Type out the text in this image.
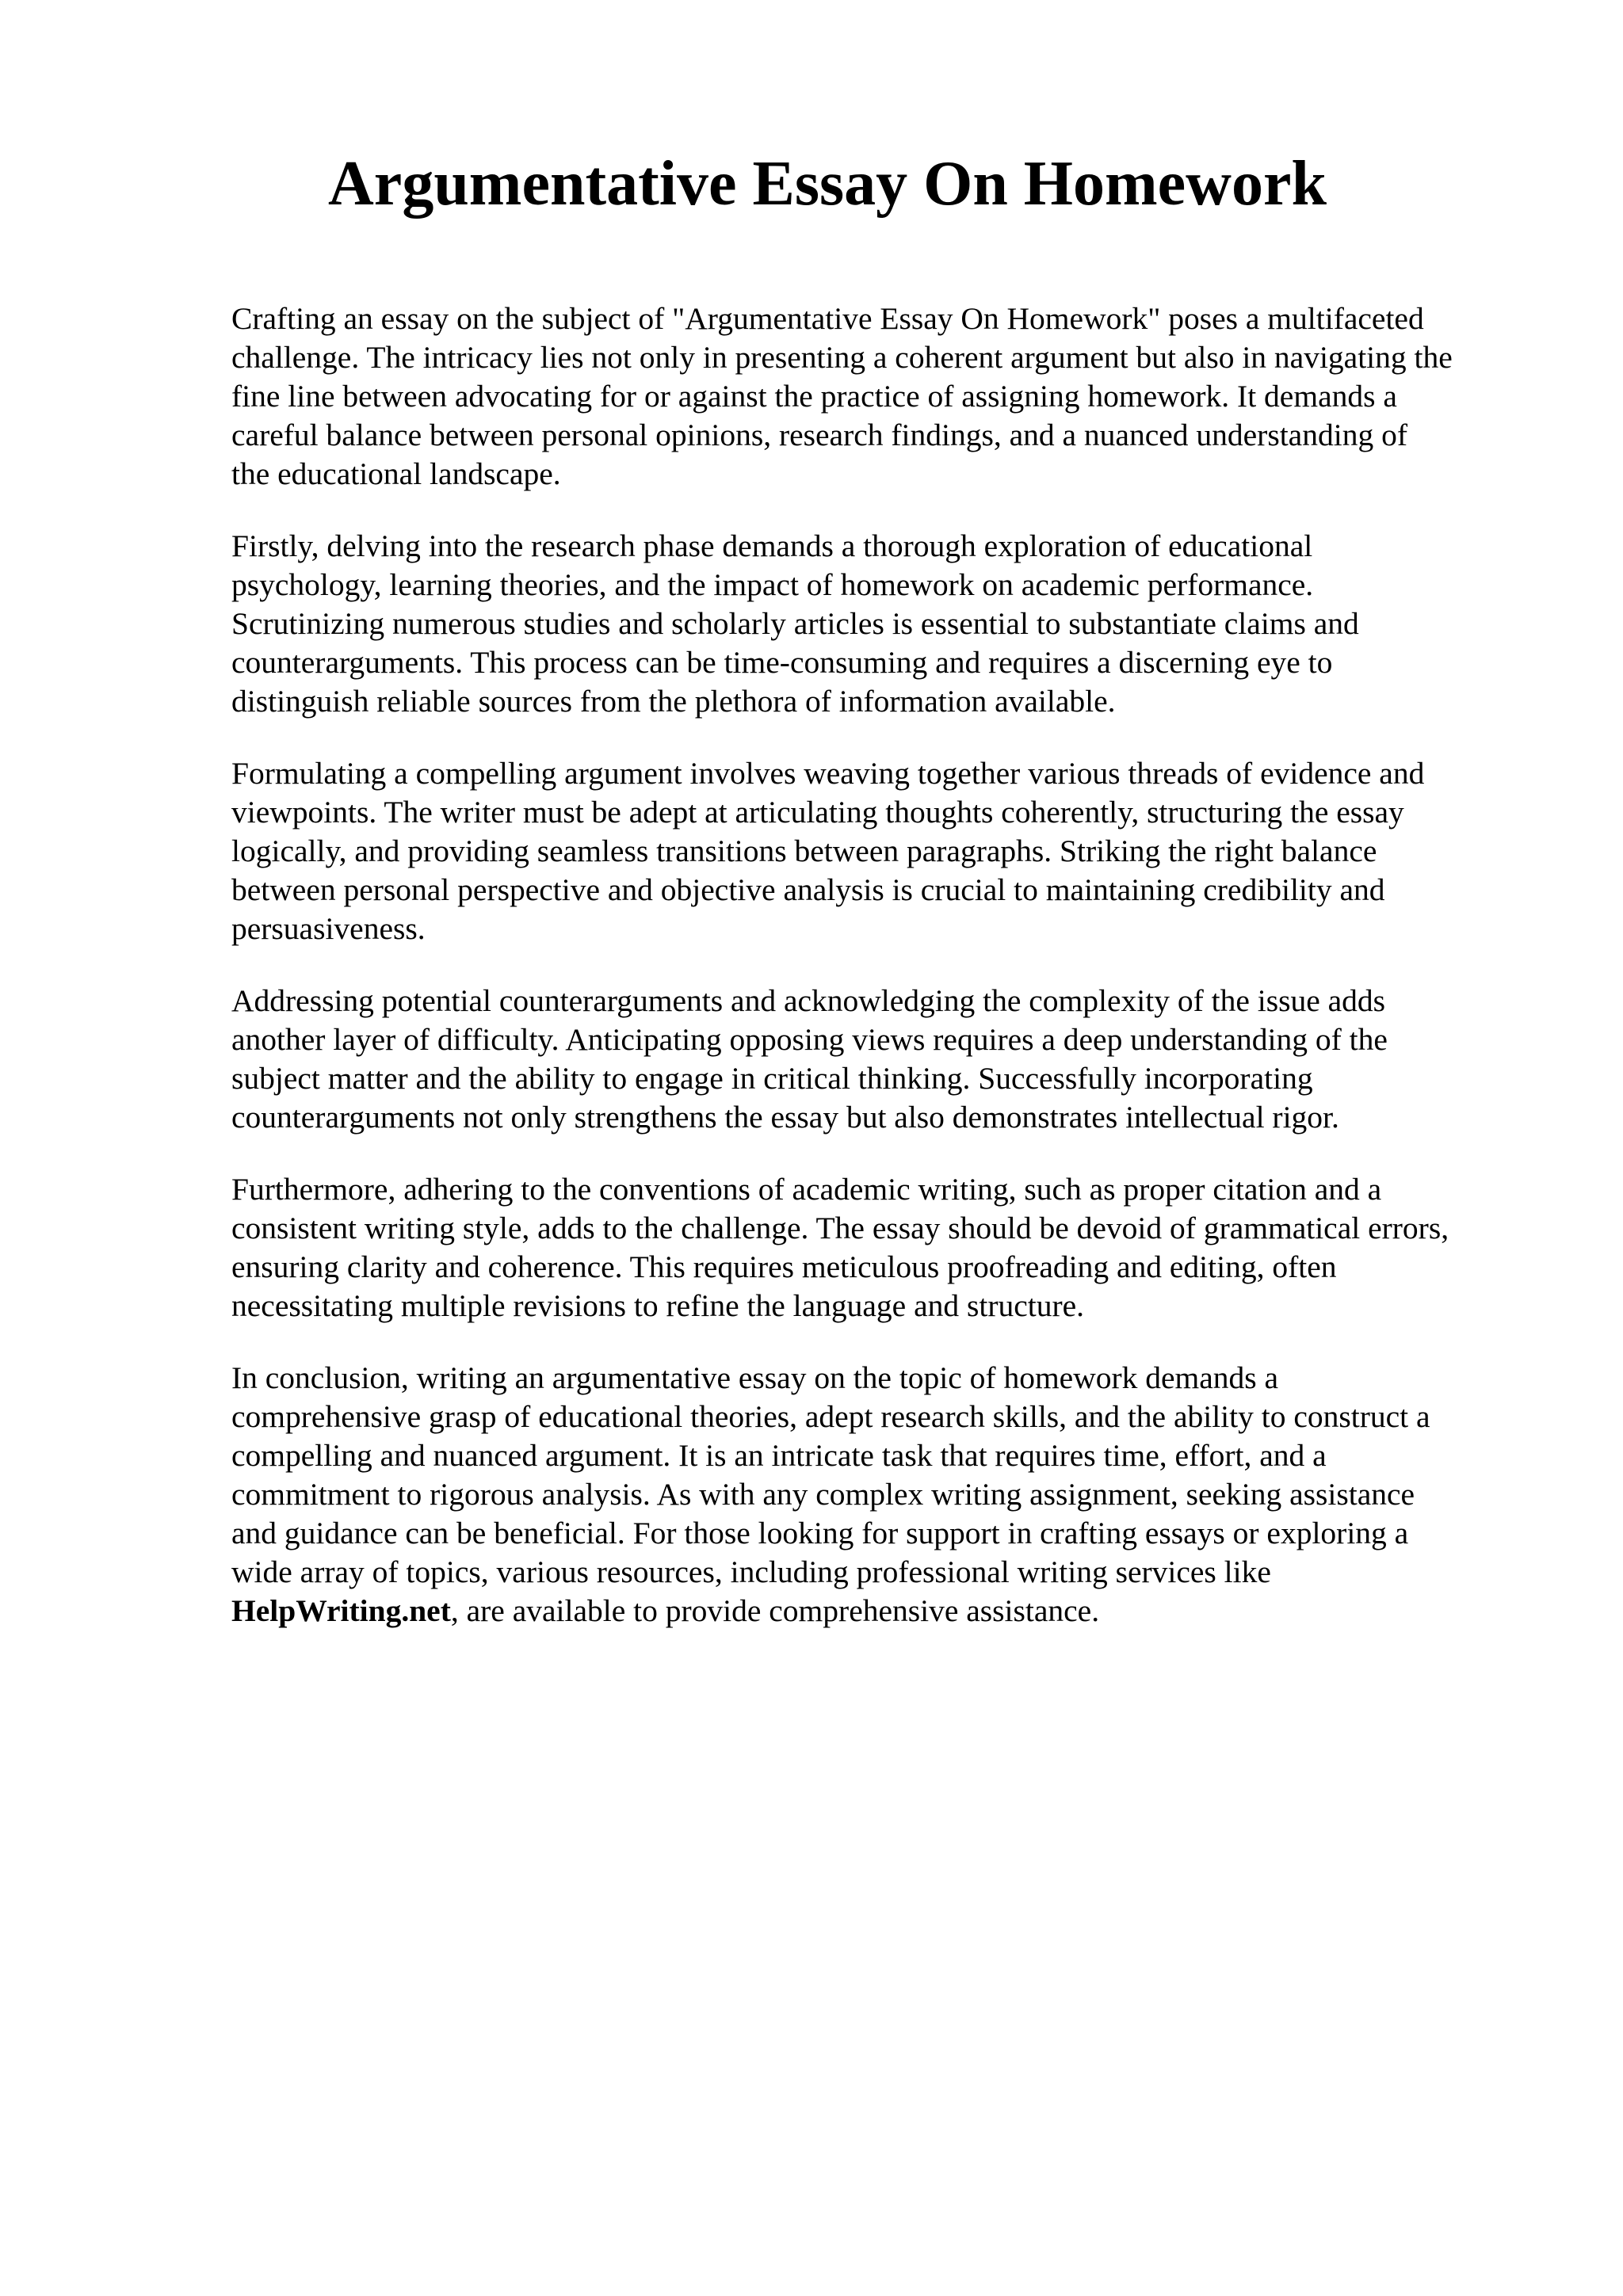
Argumentative Essay On Homework

Crafting an essay on the subject of "Argumentative Essay On Homework" poses a multifaceted
challenge. The intricacy lies not only in presenting a coherent argument but also in navigating the
fine line between advocating for or against the practice of assigning homework. It demands a
careful balance between personal opinions, research findings, and a nuanced understanding of
the educational landscape.

Firstly, delving into the research phase demands a thorough exploration of educational
psychology, learning theories, and the impact of homework on academic performance.
Scrutinizing numerous studies and scholarly articles is essential to substantiate claims and
counterarguments. This process can be time-consuming and requires a discerning eye to
distinguish reliable sources from the plethora of information available.

Formulating a compelling argument involves weaving together various threads of evidence and
viewpoints. The writer must be adept at articulating thoughts coherently, structuring the essay
logically, and providing seamless transitions between paragraphs. Striking the right balance
between personal perspective and objective analysis is crucial to maintaining credibility and
persuasiveness.

Addressing potential counterarguments and acknowledging the complexity of the issue adds
another layer of difficulty. Anticipating opposing views requires a deep understanding of the
subject matter and the ability to engage in critical thinking. Successfully incorporating
counterarguments not only strengthens the essay but also demonstrates intellectual rigor.

Furthermore, adhering to the conventions of academic writing, such as proper citation and a
consistent writing style, adds to the challenge. The essay should be devoid of grammatical errors,
ensuring clarity and coherence. This requires meticulous proofreading and editing, often
necessitating multiple revisions to refine the language and structure.

In conclusion, writing an argumentative essay on the topic of homework demands a
comprehensive grasp of educational theories, adept research skills, and the ability to construct a
compelling and nuanced argument. It is an intricate task that requires time, effort, and a
commitment to rigorous analysis. As with any complex writing assignment, seeking assistance
and guidance can be beneficial. For those looking for support in crafting essays or exploring a
wide array of topics, various resources, including professional writing services like
HelpWriting.net, are available to provide comprehensive assistance.
